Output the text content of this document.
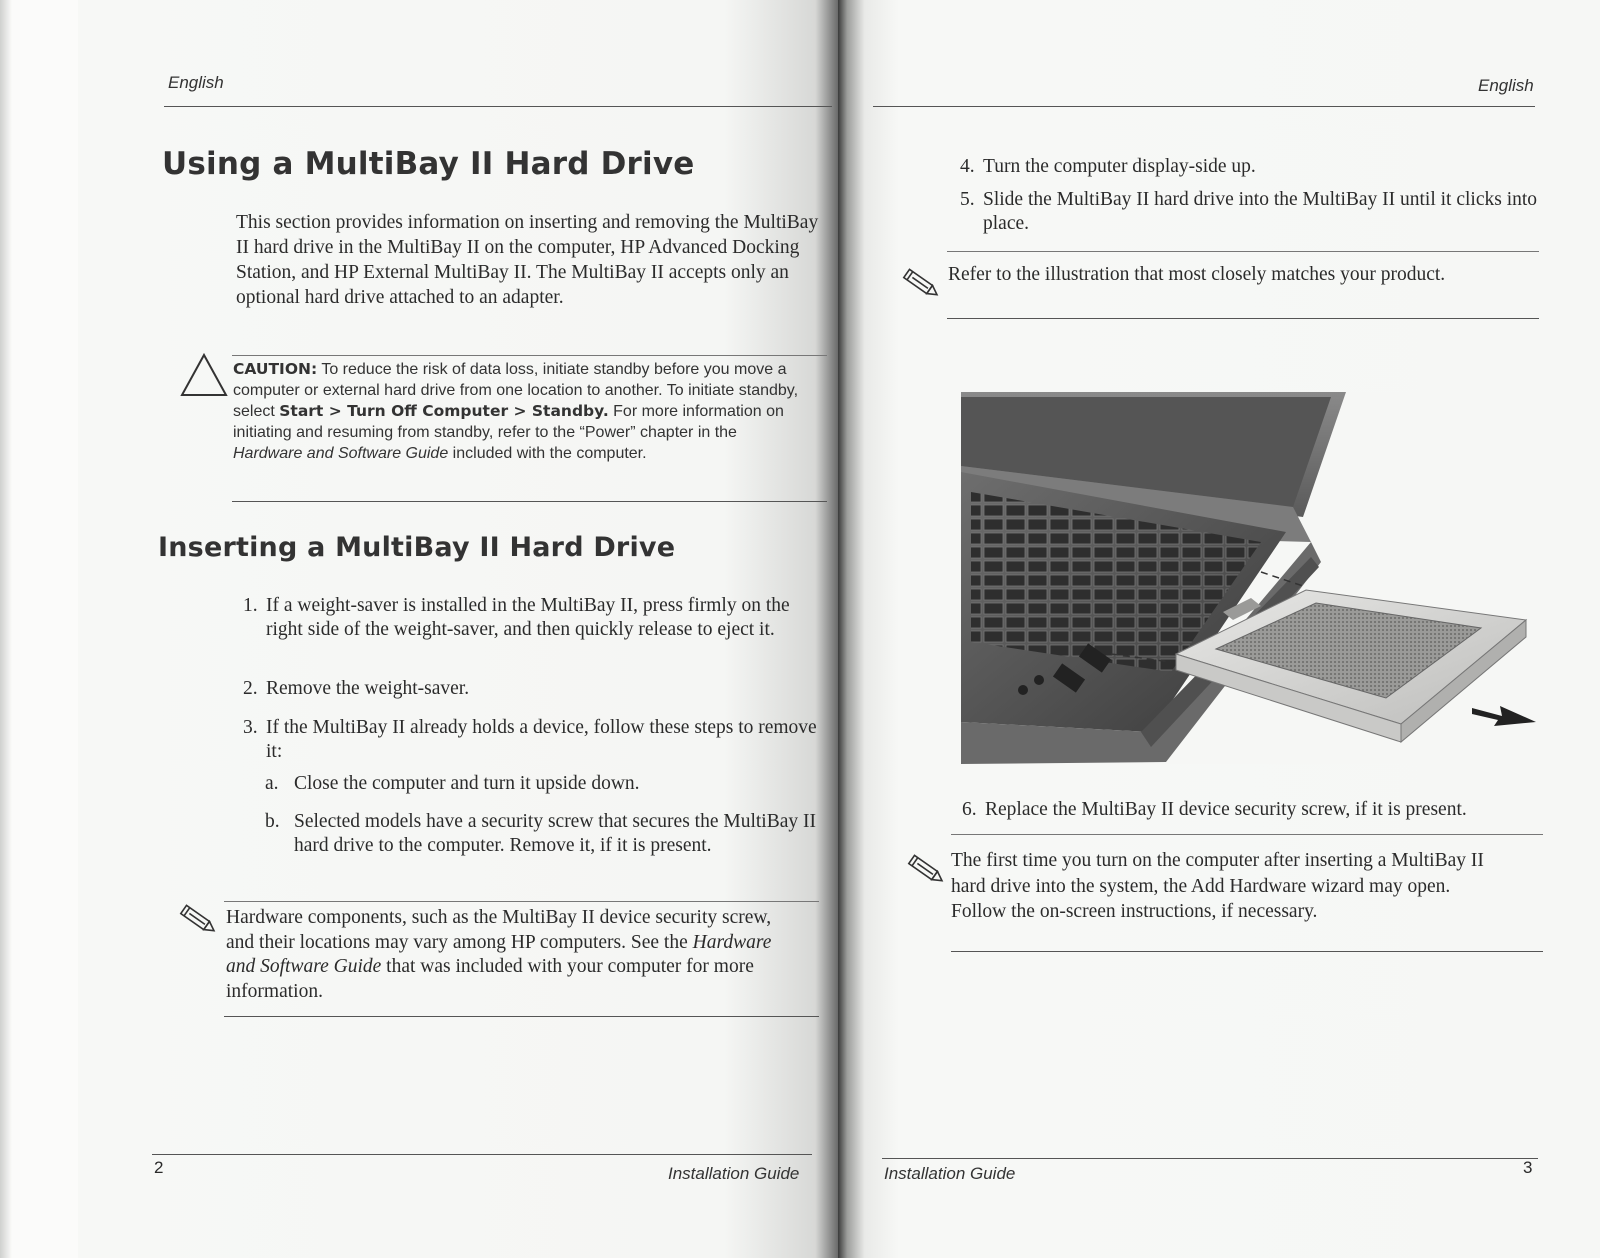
English
Using a MultiBay II Hard Drive
This section provides information on inserting and removing the MultiBay II hard drive in the MultiBay II on the computer, HP Advanced Docking Station, and HP External MultiBay II. The MultiBay II accepts only an optional hard drive attached to an adapter.
CAUTION: To reduce the risk of data loss, initiate standby before you move a computer or external hard drive from one location to another. To initiate standby, select Start > Turn Off Computer > Standby. For more information on initiating and resuming from standby, refer to the “Power” chapter in the Hardware and Software Guide included with the computer.
Inserting a MultiBay II Hard Drive
1. If a weight-saver is installed in the MultiBay II, press firmly on the right side of the weight-saver, and then quickly release to eject it.
2. Remove the weight-saver.
3. If the MultiBay II already holds a device, follow these steps to remove it:
a. Close the computer and turn it upside down.
b. Selected models have a security screw that secures the MultiBay II hard drive to the computer. Remove it, if it is present.
Hardware components, such as the MultiBay II device security screw, and their locations may vary among HP computers. See the Hardware and Software Guide that was included with your computer for more information.
2	Installation Guide
English
4. Turn the computer display-side up.
5. Slide the MultiBay II hard drive into the MultiBay II until it clicks into place.
Refer to the illustration that most closely matches your product.
6. Replace the MultiBay II device security screw, if it is present.
The first time you turn on the computer after inserting a MultiBay II hard drive into the system, the Add Hardware wizard may open. Follow the on-screen instructions, if necessary.
Installation Guide	3
